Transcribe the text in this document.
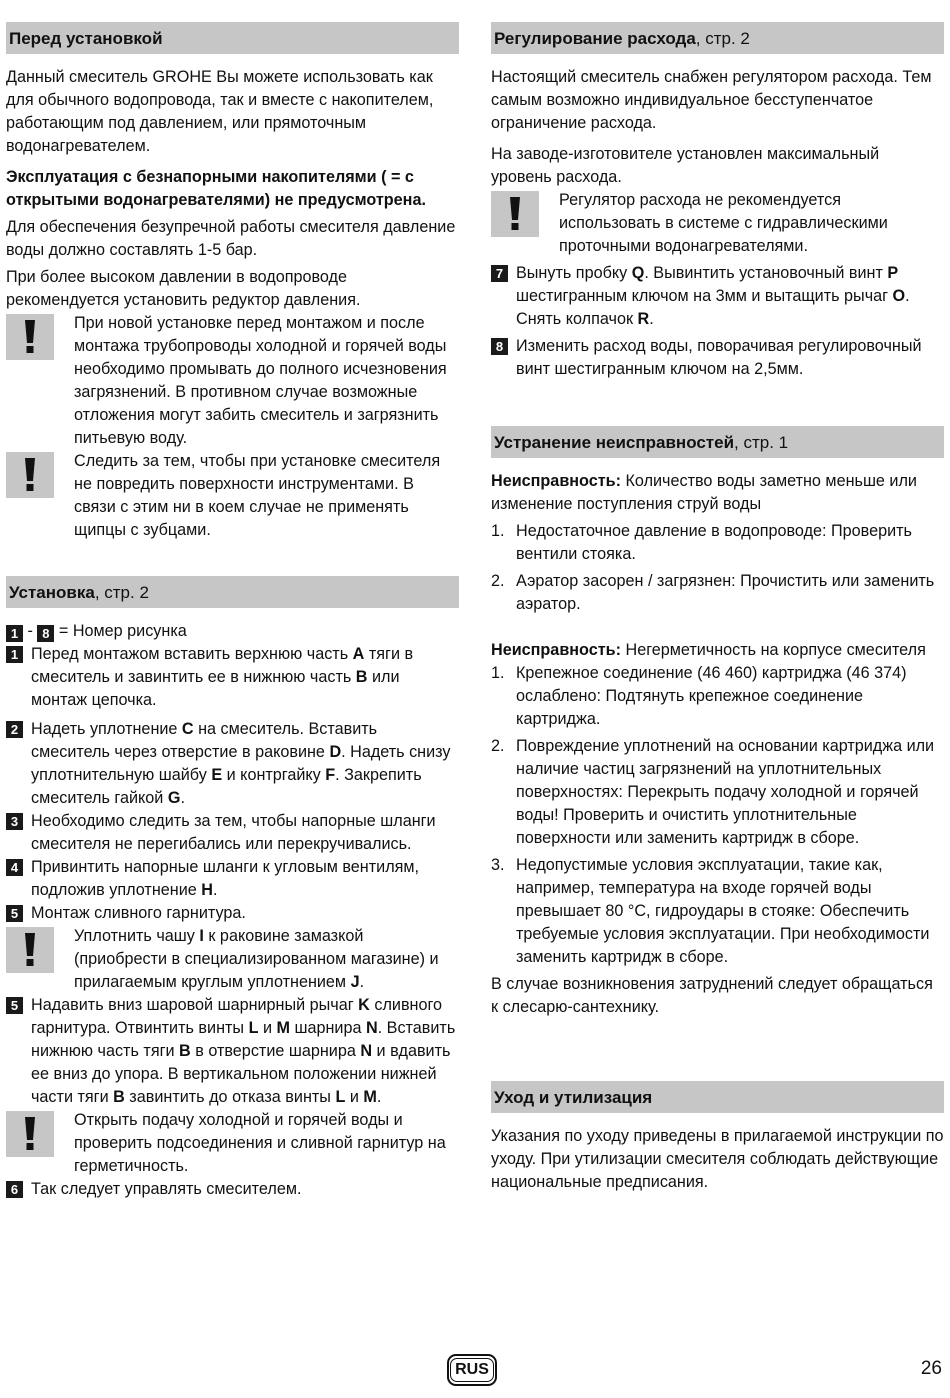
Перед установкой

Данный смеситель GROHE Вы можете использовать как для обычного водопровода, так и вместе с накопителем, работающим под давлением, или прямоточным водонагревателем.

Эксплуатация с безнапорными накопителями ( = с открытыми водонагревателями) не предусмотрена.

Для обеспечения безупречной работы смесителя давление воды должно составлять 1-5 бар.

При более высоком давлении в водопроводе рекомендуется установить редуктор давления.

При новой установке перед монтажом и после монтажа трубопроводы холодной и горячей воды необходимо промывать до полного исчезновения загрязнений. В противном случае возможные отложения могут забить смеситель и загрязнить питьевую воду.

Следить за тем, чтобы при установке смесителя не повредить поверхности инструментами. В связи с этим ни в коем случае не применять щипцы с зубцами.

Установка, стр. 2

1 - 8 = Номер рисунка

1 Перед монтажом вставить верхнюю часть A тяги в смеситель и завинтить ее в нижнюю часть B или монтаж цепочка.

2 Надеть уплотнение C на смеситель. Вставить смеситель через отверстие в раковине D. Надеть снизу уплотнительную шайбу E и контргайку F. Закрепить смеситель гайкой G.

3 Необходимо следить за тем, чтобы напорные шланги смесителя не перегибались или перекручивались.

4 Привинтить напорные шланги к угловым вентилям, подложив уплотнение H.

5 Монтаж сливного гарнитура.

Уплотнить чашу I к раковине замазкой (приобрести в специализированном магазине) и прилагаемым круглым уплотнением J.

5 Надавить вниз шаровой шарнирный рычаг K сливного гарнитура. Отвинтить винты L и M шарнира N. Вставить нижнюю часть тяги B в отверстие шарнира N и вдавить ее вниз до упора. В вертикальном положении нижней части тяги B завинтить до отказа винты L и M.

Открыть подачу холодной и горячей воды и проверить подсоединения и сливной гарнитур на герметичность.

6 Так следует управлять смесителем.

Регулирование расхода, стр. 2

Настоящий смеситель снабжен регулятором расхода. Тем самым возможно индивидуальное бесступенчатое ограничение расхода.

На заводе-изготовителе установлен максимальный уровень расхода.

Регулятор расхода не рекомендуется использовать в системе с гидравлическими проточными водонагревателями.

7 Вынуть пробку Q. Вывинтить установочный винт P шестигранным ключом на 3мм и вытащить рычаг O. Снять колпачок R.

8 Изменить расход воды, поворачивая регулировочный винт шестигранным ключом на 2,5мм.

Устранение неисправностей, стр. 1

Неисправность: Количество воды заметно меньше или изменение поступления струй воды

1. Недостаточное давление в водопроводе: Проверить вентили стояка.

2. Аэратор засорен / загрязнен: Прочистить или заменить аэратор.

Неисправность: Негерметичность на корпусе смесителя

1. Крепежное соединение (46 460) картриджа (46 374) ослаблено: Подтянуть крепежное соединение картриджа.

2. Повреждение уплотнений на основании картриджа или наличие частиц загрязнений на уплотнительных поверхностях: Перекрыть подачу холодной и горячей воды! Проверить и очистить уплотнительные поверхности или заменить картридж в сборе.

3. Недопустимые условия эксплуатации, такие как, например, температура на входе горячей воды превышает 80 °C, гидроудары в стояке: Обеспечить требуемые условия эксплуатации. При необходимости заменить картридж в сборе.

В случае возникновения затруднений следует обращаться к слесарю-сантехнику.

Уход и утилизация

Указания по уходу приведены в прилагаемой инструкции по уходу. При утилизации смесителя соблюдать действующие национальные предписания.

RUS	26
